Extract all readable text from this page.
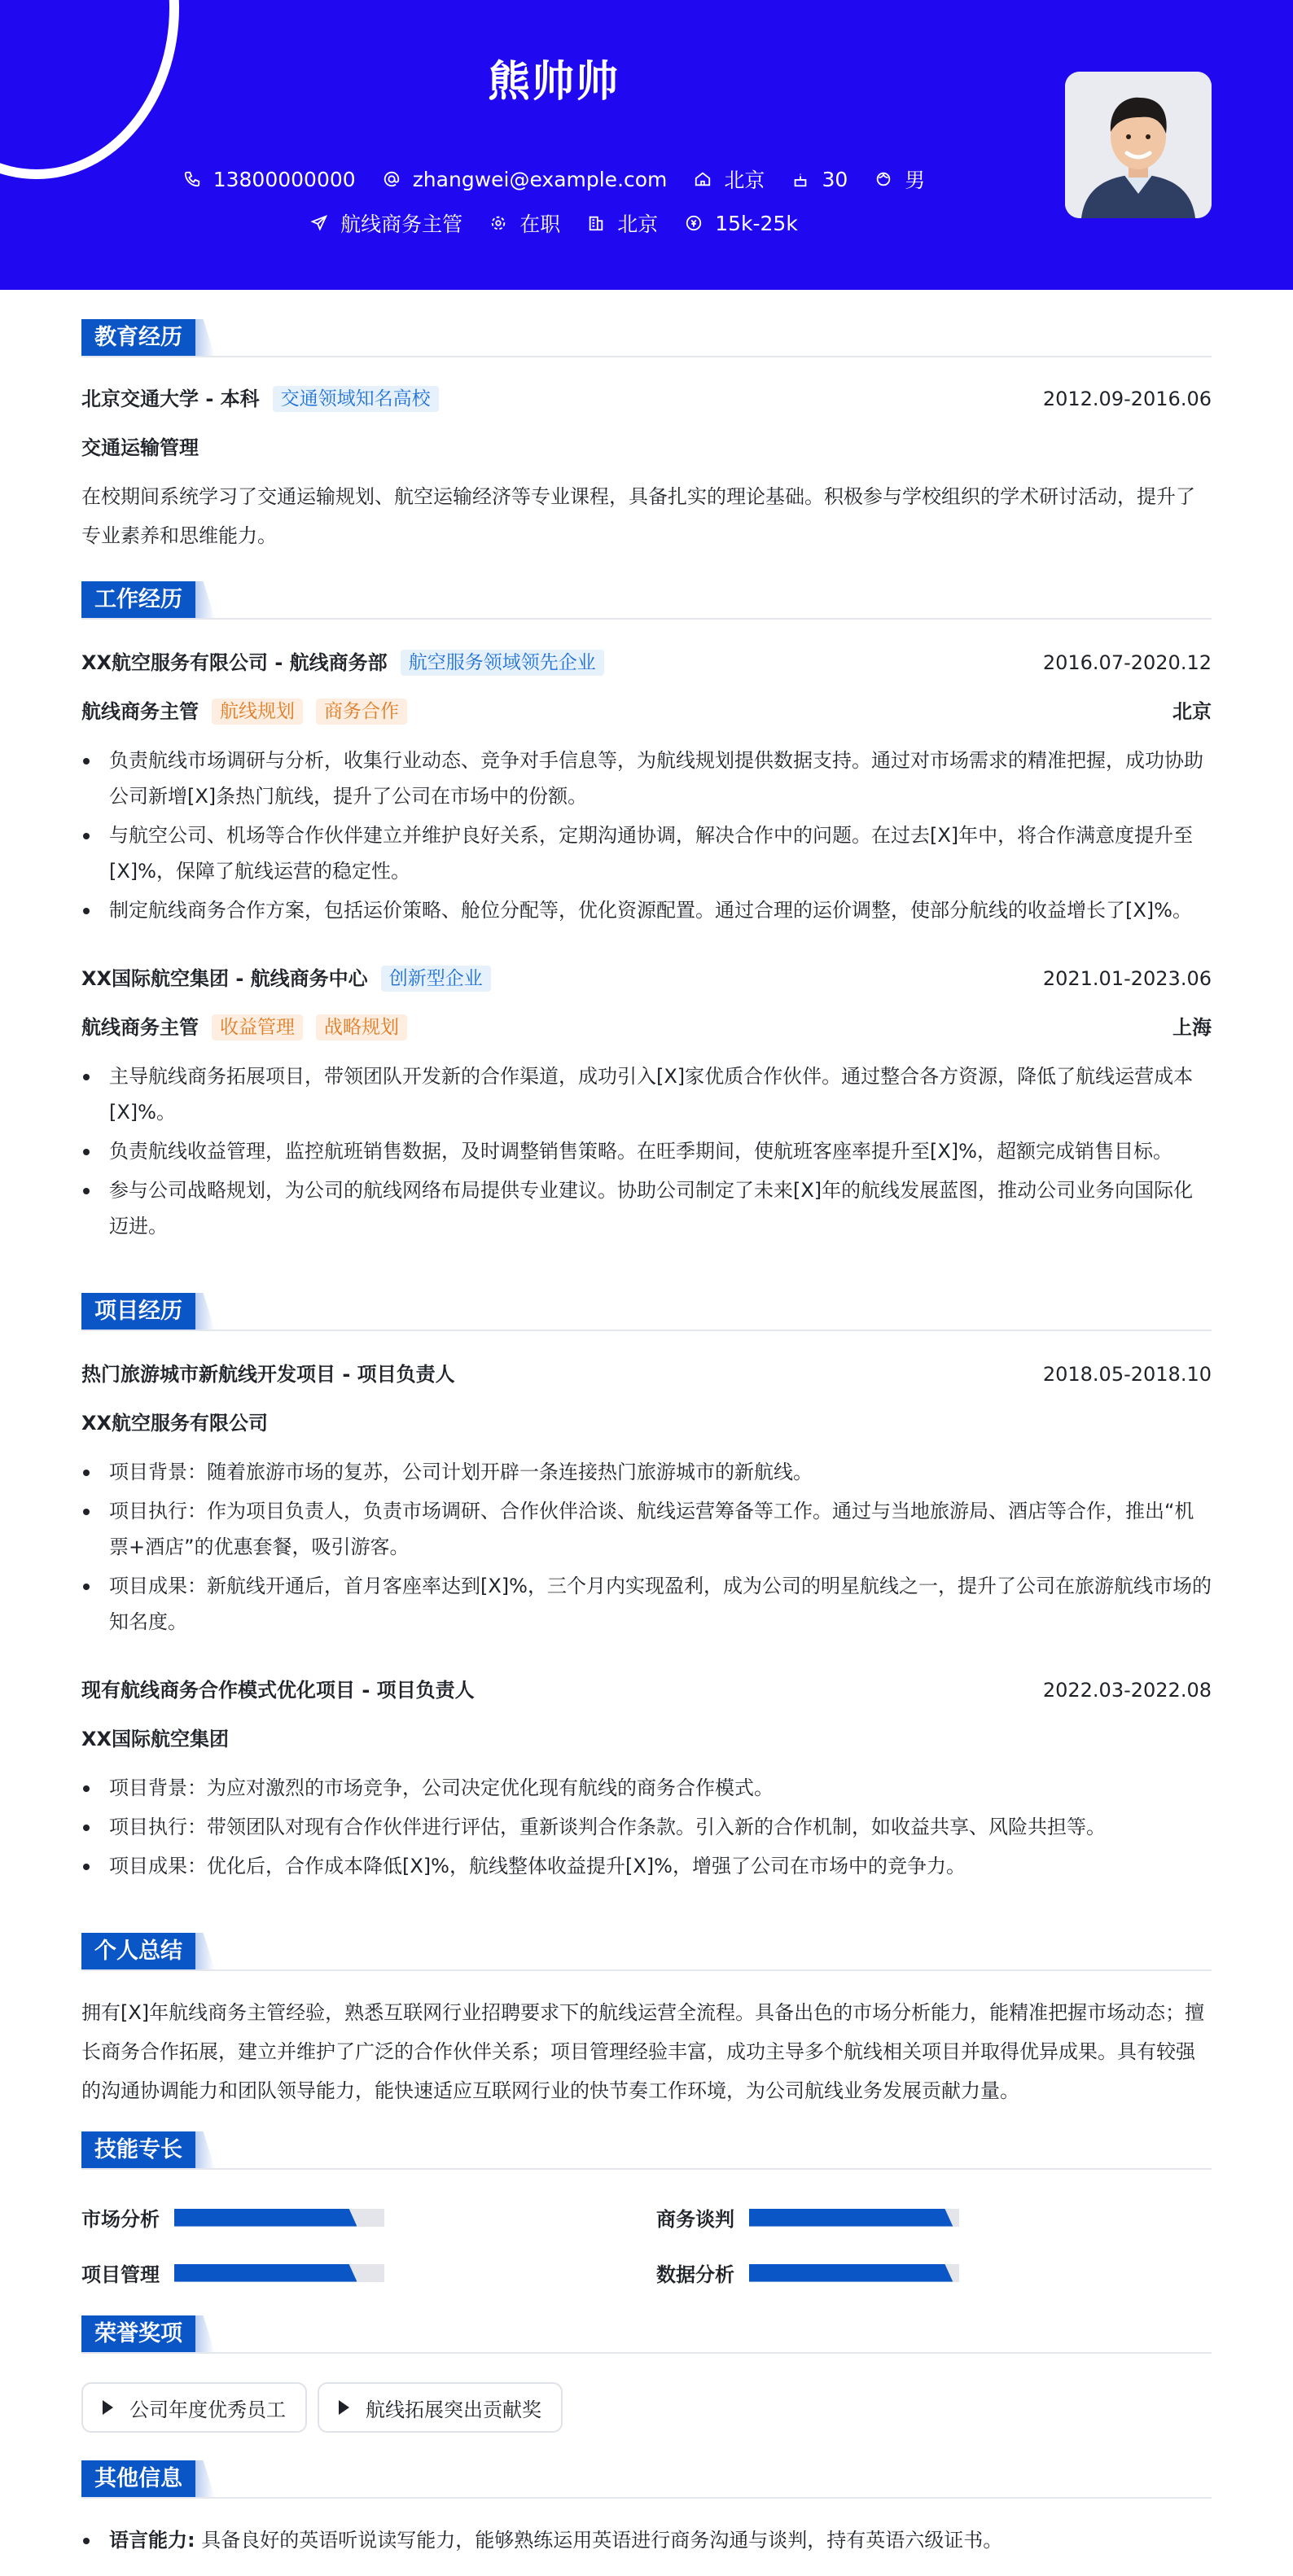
熊帅帅
13800000000	zhangwei@example.com	北京	30	男
航线商务主管	在职	北京	15k-25k
教育经历
北京交通大学 - 本科	交通领域知名高校	2012.09-2016.06
交通运输管理
在校期间系统学习了交通运输规划、航空运输经济等专业课程，具备扎实的理论基础。积极参与学校组织的学术研讨活动，提升了专业素养和思维能力。
工作经历
XX航空服务有限公司 - 航线商务部	航空服务领域领先企业	2016.07-2020.12
航线商务主管	航线规划	商务合作	北京
负责航线市场调研与分析，收集行业动态、竞争对手信息等，为航线规划提供数据支持。通过对市场需求的精准把握，成功协助公司新增[X]条热门航线，提升了公司在市场中的份额。
与航空公司、机场等合作伙伴建立并维护良好关系，定期沟通协调，解决合作中的问题。在过去[X]年中，将合作满意度提升至[X]%，保障了航线运营的稳定性。
制定航线商务合作方案，包括运价策略、舱位分配等，优化资源配置。通过合理的运价调整，使部分航线的收益增长了[X]%。
XX国际航空集团 - 航线商务中心	创新型企业	2021.01-2023.06
航线商务主管	收益管理	战略规划	上海
主导航线商务拓展项目，带领团队开发新的合作渠道，成功引入[X]家优质合作伙伴。通过整合各方资源，降低了航线运营成本[X]%。
负责航线收益管理，监控航班销售数据，及时调整销售策略。在旺季期间，使航班客座率提升至[X]%，超额完成销售目标。
参与公司战略规划，为公司的航线网络布局提供专业建议。协助公司制定了未来[X]年的航线发展蓝图，推动公司业务向国际化迈进。
项目经历
热门旅游城市新航线开发项目 - 项目负责人	2018.05-2018.10
XX航空服务有限公司
项目背景：随着旅游市场的复苏，公司计划开辟一条连接热门旅游城市的新航线。
项目执行：作为项目负责人，负责市场调研、合作伙伴洽谈、航线运营筹备等工作。通过与当地旅游局、酒店等合作，推出“机票+酒店”的优惠套餐，吸引游客。
项目成果：新航线开通后，首月客座率达到[X]%，三个月内实现盈利，成为公司的明星航线之一，提升了公司在旅游航线市场的知名度。
现有航线商务合作模式优化项目 - 项目负责人	2022.03-2022.08
XX国际航空集团
项目背景：为应对激烈的市场竞争，公司决定优化现有航线的商务合作模式。
项目执行：带领团队对现有合作伙伴进行评估，重新谈判合作条款。引入新的合作机制，如收益共享、风险共担等。
项目成果：优化后，合作成本降低[X]%，航线整体收益提升[X]%，增强了公司在市场中的竞争力。
个人总结
拥有[X]年航线商务主管经验，熟悉互联网行业招聘要求下的航线运营全流程。具备出色的市场分析能力，能精准把握市场动态；擅长商务合作拓展，建立并维护了广泛的合作伙伴关系；项目管理经验丰富，成功主导多个航线相关项目并取得优异成果。具有较强的沟通协调能力和团队领导能力，能快速适应互联网行业的快节奏工作环境，为公司航线业务发展贡献力量。
技能专长
市场分析	商务谈判
项目管理	数据分析
荣誉奖项
公司年度优秀员工	航线拓展突出贡献奖
其他信息
语言能力: 具备良好的英语听说读写能力，能够熟练运用英语进行商务沟通与谈判，持有英语六级证书。
